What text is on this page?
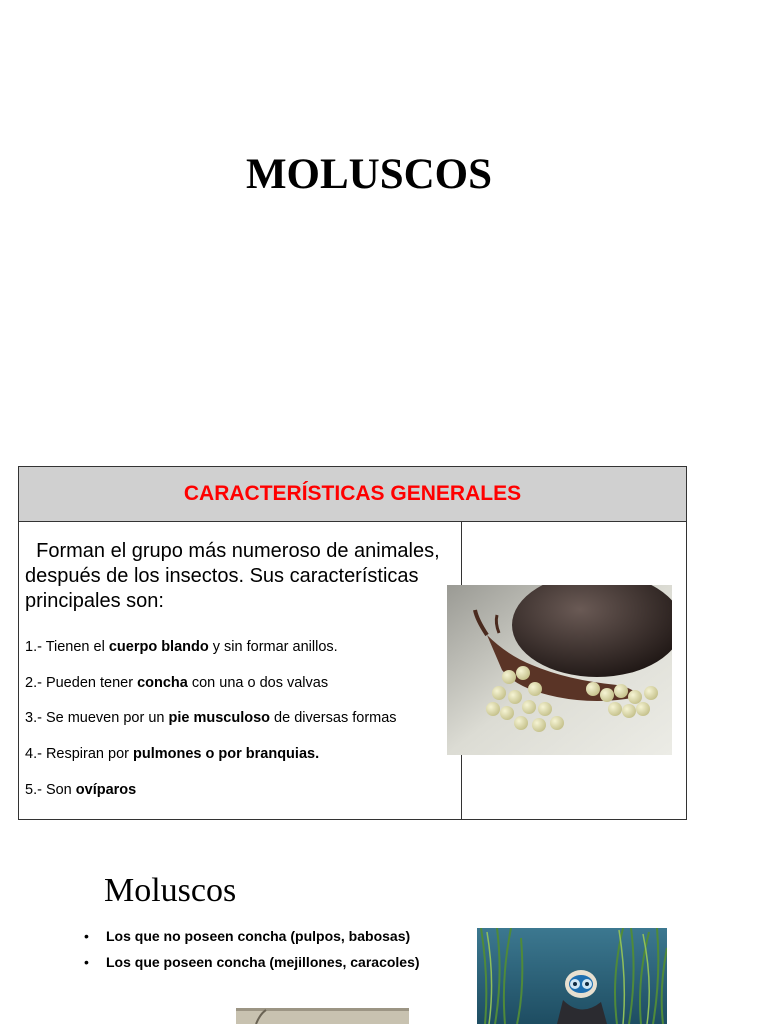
MOLUSCOS
CARACTERÍSTICAS GENERALES
Forman el grupo más numeroso de animales, después de los insectos. Sus características principales son:
1.- Tienen el cuerpo blando y sin formar anillos.
2.- Pueden tener concha con una o dos valvas
3.- Se mueven por un pie musculoso de diversas formas
4.- Respiran por pulmones o por branquias.
5.- Son ovíparos
Moluscos
• Los que no poseen concha (pulpos, babosas)
• Los que poseen concha (mejillones, caracoles)
